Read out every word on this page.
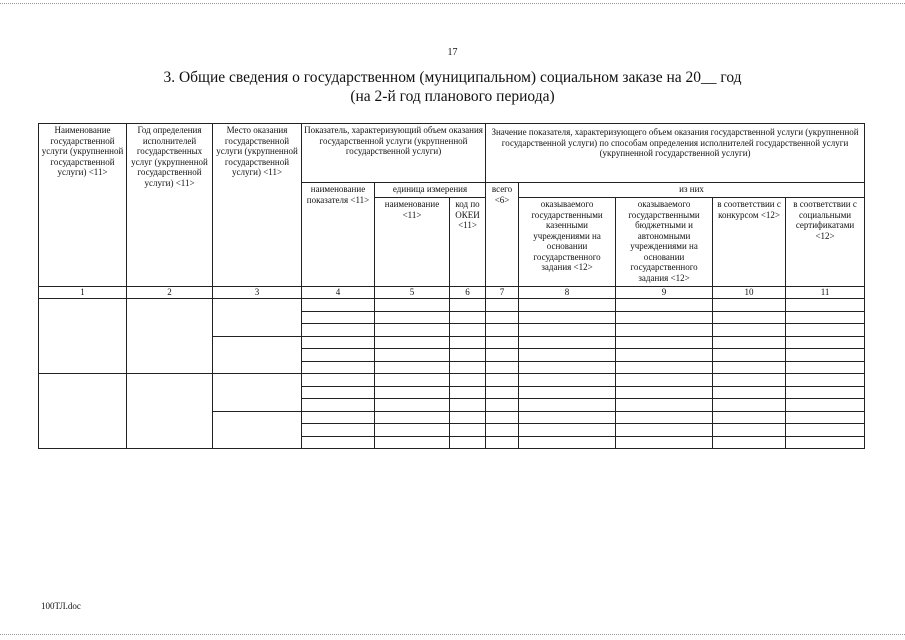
17
3. Общие сведения о государственном (муниципальном) социальном заказе на 20__ год
(на 2-й год планового периода)
Наименование государственной услуги (укрупненной государственной услуги) <11>	Год определения исполнителей государственных услуг (укрупненной государственной услуги) <11>	Место оказания государственной услуги (укрупненной государственной услуги) <11>	Показатель, характеризующий объем оказания государственной услуги (укрупненной государственной услуги)			Значение показателя, характеризующего объем оказания государственной услуги (укрупненной государственной услуги) по способам определения исполнителей государственной услуги (укрупненной государственной услуги)				

			наименование показателя <11>	единица измерения		всего <6>	из них			
				наименование <11>	код по ОКЕИ <11>		оказываемого государственными казенными учреждениями на основании государственного задания <12>	оказываемого государственными бюджетными и автономными учреждениями на основании государственного задания <12>	в соответствии с конкурсом <12>	в соответствии с социальными сертификатами <12>
1	2	3	4	5	6	7	8	9	10	11

100ТЛ.doc
